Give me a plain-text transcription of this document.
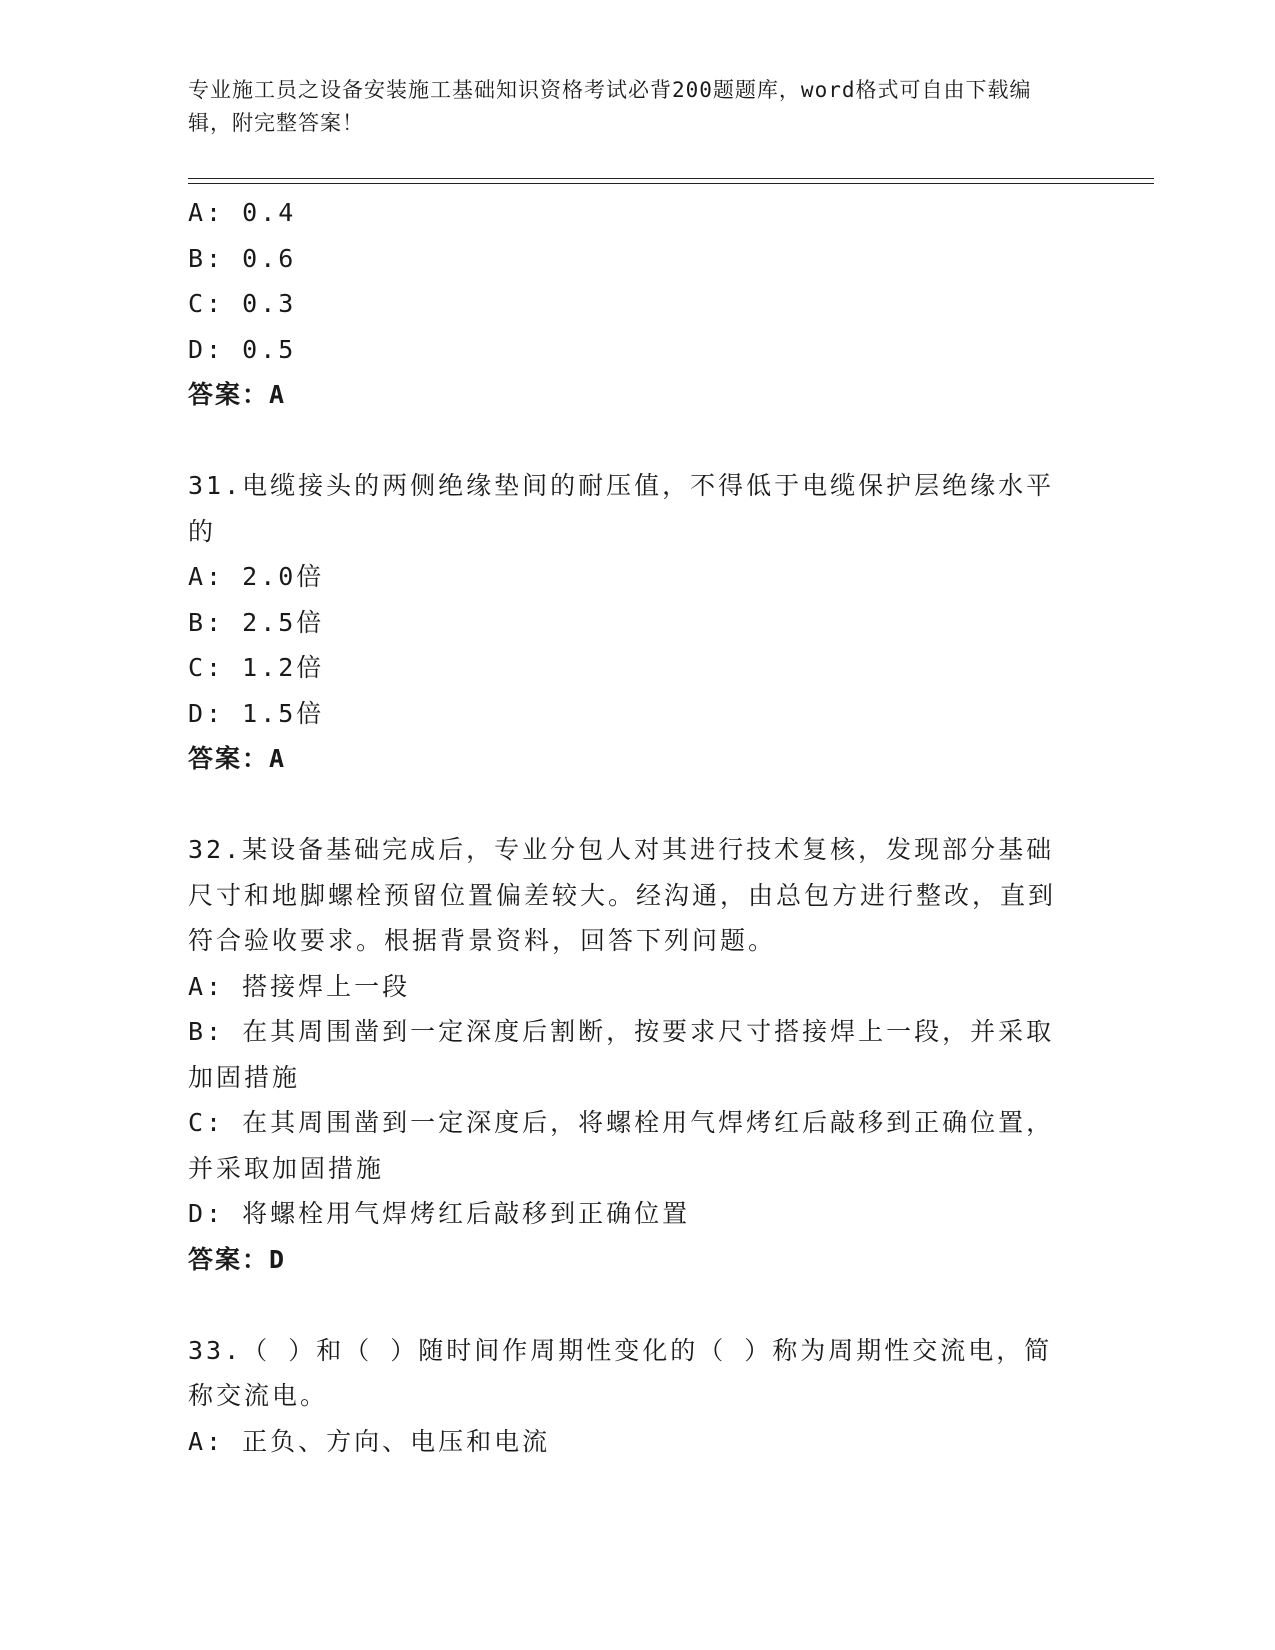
专业施工员之设备安装施工基础知识资格考试必背200题题库，word格式可自由下载编辑，附完整答案！

A: 0.4

B: 0.6

C: 0.3

D: 0.5

答案：A

31.电缆接头的两侧绝缘垫间的耐压值，不得低于电缆保护层绝缘水平的

A: 2.0倍

B: 2.5倍

C: 1.2倍

D: 1.5倍

答案：A

32.某设备基础完成后，专业分包人对其进行技术复核，发现部分基础尺寸和地脚螺栓预留位置偏差较大。经沟通，由总包方进行整改，直到符合验收要求。根据背景资料，回答下列问题。

A: 搭接焊上一段

B: 在其周围凿到一定深度后割断，按要求尺寸搭接焊上一段，并采取加固措施

C: 在其周围凿到一定深度后，将螺栓用气焊烤红后敲移到正确位置，并采取加固措施

D: 将螺栓用气焊烤红后敲移到正确位置

答案：D

33.（ ）和（ ）随时间作周期性变化的（ ）称为周期性交流电，简称交流电。

A: 正负、方向、电压和电流
